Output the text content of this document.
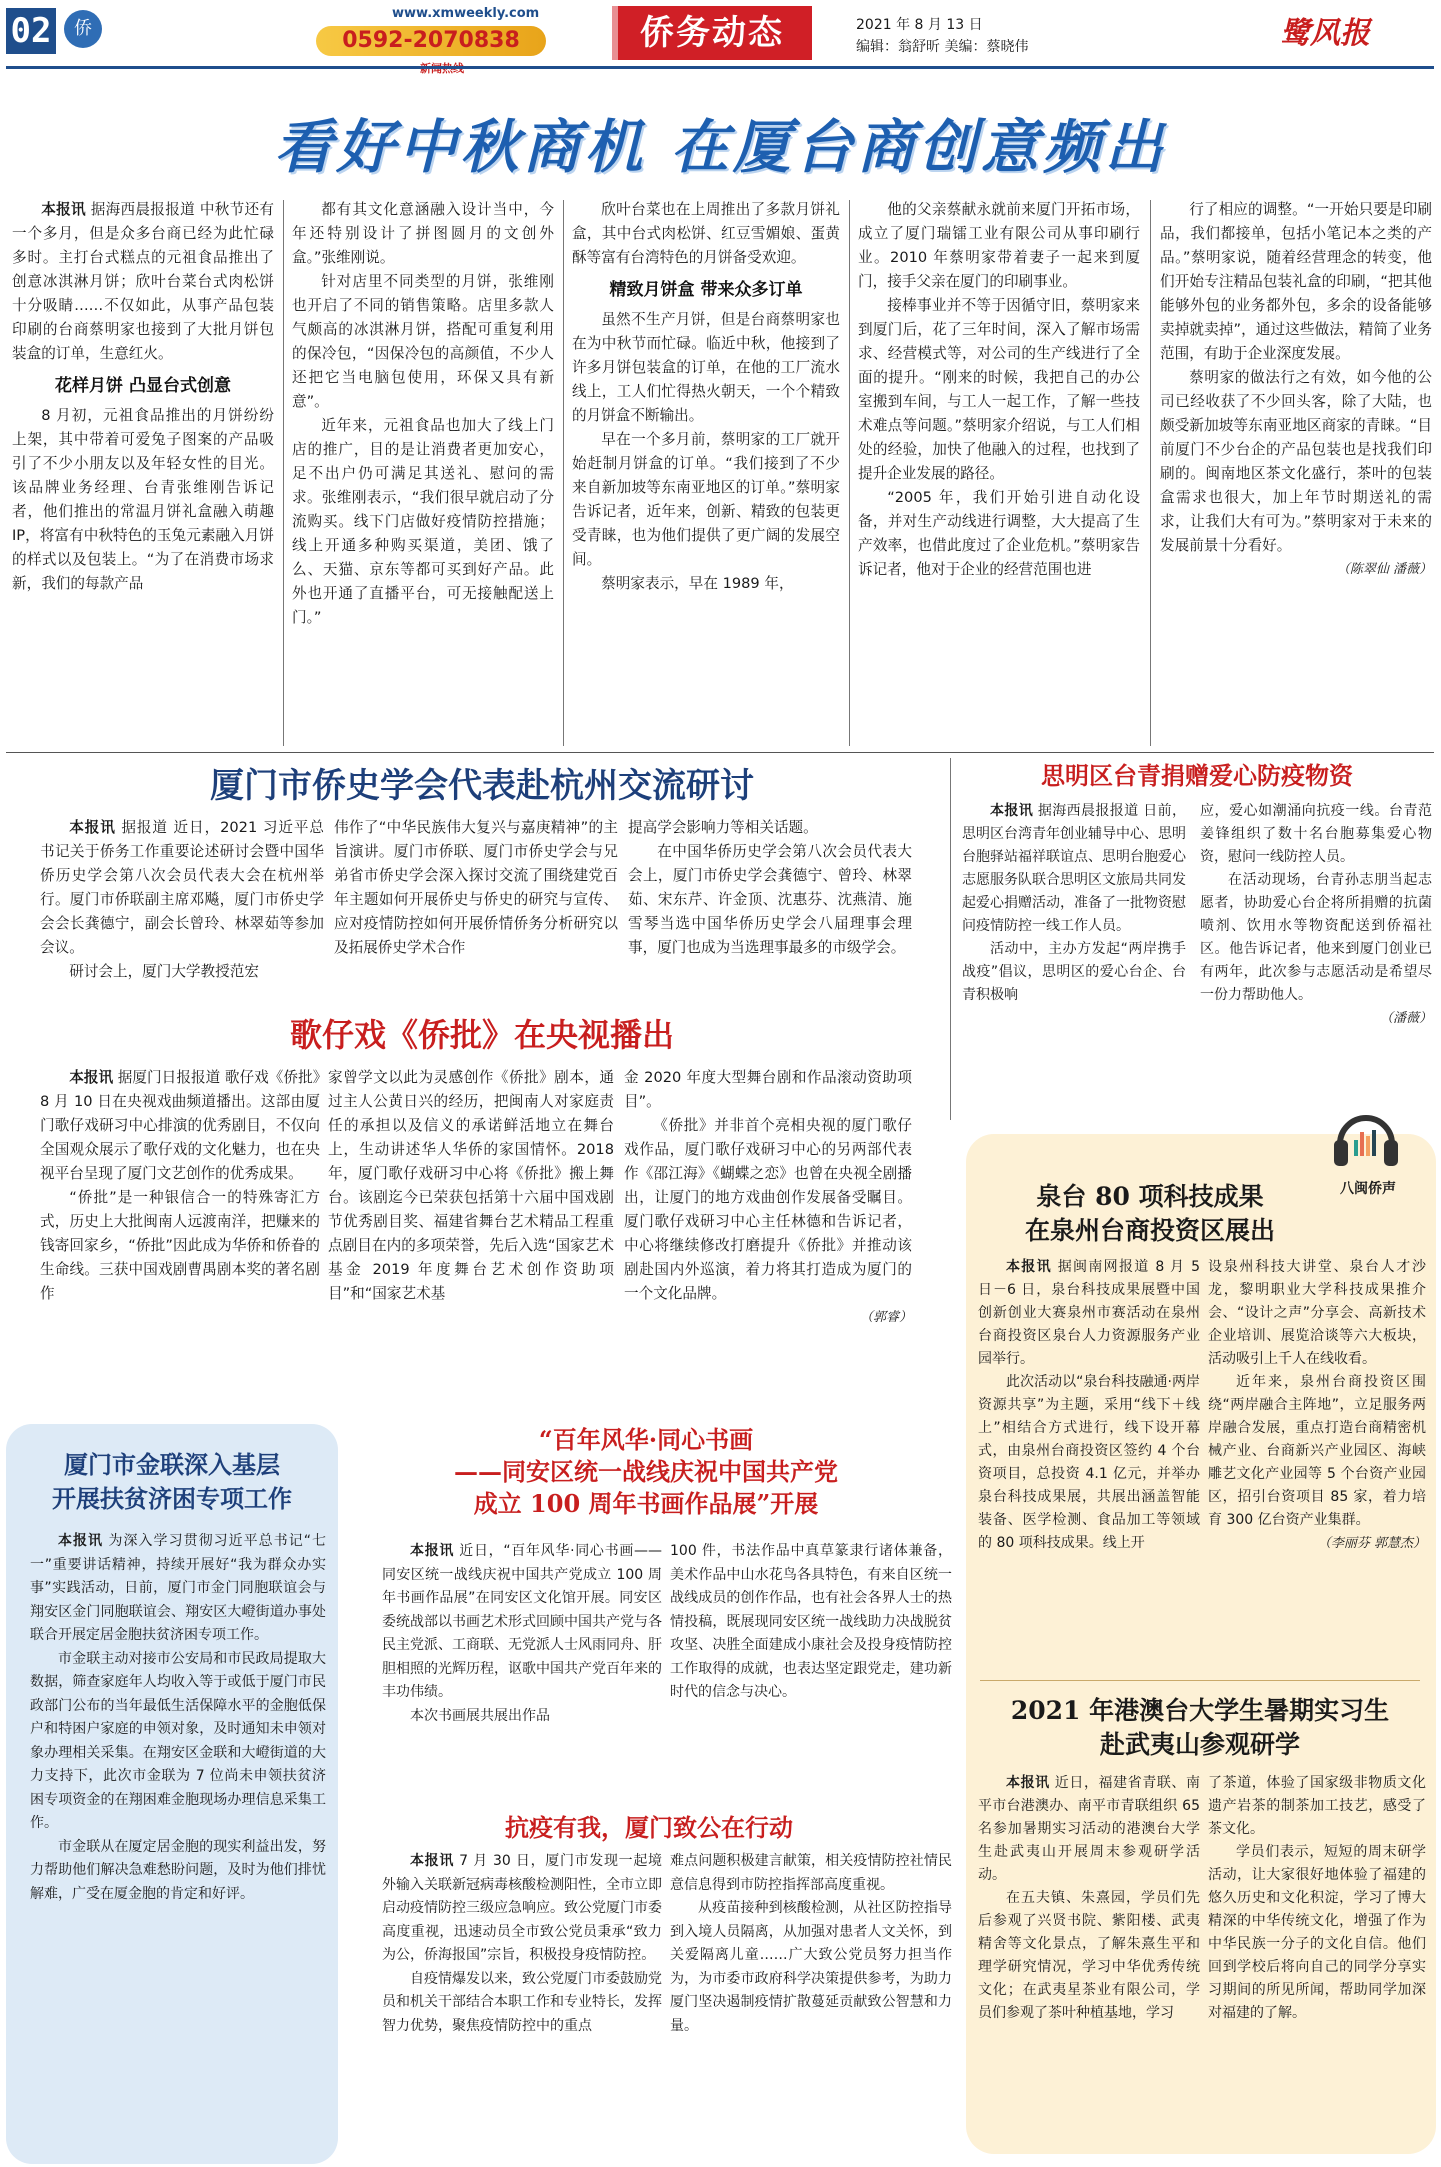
02	侨
www.xmweekly.com
0592-2070838	侨务动态	2021 年 8 月 13 日
编辑：翁舒昕 美编：蔡晓伟	鹭风报
看好中秋商机 在厦台商创意频出

本报讯 据海西晨报报道 中秋节还有一个多月，但是众多台商已经为此忙碌多时。主打台式糕点的元祖食品推出了创意冰淇淋月饼；欣叶台菜台式肉松饼十分吸睛……不仅如此，从事产品包装印刷的台商蔡明家也接到了大批月饼包装盒的订单，生意红火。

花样月饼 凸显台式创意

8 月初，元祖食品推出的月饼纷纷上架，其中带着可爱兔子图案的产品吸引了不少小朋友以及年轻女性的目光。该品牌业务经理、台青张维刚告诉记者，他们推出的常温月饼礼盒融入萌趣 IP，将富有中秋特色的玉兔元素融入月饼的样式以及包装上。“为了在消费市场求新，我们的每款产品

都有其文化意涵融入设计当中，今年还特别设计了拼图圆月的文创外盒。”张维刚说。

针对店里不同类型的月饼，张维刚也开启了不同的销售策略。店里多款人气颇高的冰淇淋月饼，搭配可重复利用的保冷包，“因保冷包的高颜值，不少人还把它当电脑包使用，环保又具有新意”。

近年来，元祖食品也加大了线上门店的推广，目的是让消费者更加安心，足不出户仍可满足其送礼、慰问的需求。张维刚表示，“我们很早就启动了分流购买。线下门店做好疫情防控措施；线上开通多种购买渠道，美团、饿了么、天猫、京东等都可买到好产品。此外也开通了直播平台，可无接触配送上门。”

欣叶台菜也在上周推出了多款月饼礼盒，其中台式肉松饼、红豆雪媚娘、蛋黄酥等富有台湾特色的月饼备受欢迎。

精致月饼盒 带来众多订单

虽然不生产月饼，但是台商蔡明家也在为中秋节而忙碌。临近中秋，他接到了许多月饼包装盒的订单，在他的工厂流水线上，工人们忙得热火朝天，一个个精致的月饼盒不断输出。

早在一个多月前，蔡明家的工厂就开始赶制月饼盒的订单。“我们接到了不少来自新加坡等东南亚地区的订单。”蔡明家告诉记者，近年来，创新、精致的包装更受青睐，也为他们提供了更广阔的发展空间。

蔡明家表示，早在 1989 年，

他的父亲蔡献永就前来厦门开拓市场，成立了厦门瑞镭工业有限公司从事印刷行业。2010 年蔡明家带着妻子一起来到厦门，接手父亲在厦门的印刷事业。

接棒事业并不等于因循守旧，蔡明家来到厦门后，花了三年时间，深入了解市场需求、经营模式等，对公司的生产线进行了全面的提升。“刚来的时候，我把自己的办公室搬到车间，与工人一起工作，了解一些技术难点等问题。”蔡明家介绍说，与工人们相处的经验，加快了他融入的过程，也找到了提升企业发展的路径。

“2005 年，我们开始引进自动化设备，并对生产动线进行调整，大大提高了生产效率，也借此度过了企业危机。”蔡明家告诉记者，他对于企业的经营范围也进

行了相应的调整。“一开始只要是印刷品，我们都接单，包括小笔记本之类的产品。”蔡明家说，随着经营理念的转变，他们开始专注精品包装礼盒的印刷，“把其他能够外包的业务都外包，多余的设备能够卖掉就卖掉”，通过这些做法，精简了业务范围，有助于企业深度发展。

蔡明家的做法行之有效，如今他的公司已经收获了不少回头客，除了大陆，也颇受新加坡等东南亚地区商家的青睐。“目前厦门不少台企的产品包装也是找我们印刷的。闽南地区茶文化盛行，茶叶的包装盒需求也很大，加上年节时期送礼的需求，让我们大有可为。”蔡明家对于未来的发展前景十分看好。

（陈翠仙 潘薇）
厦门市侨史学会代表赴杭州交流研讨

本报讯 据报道 近日，2021 习近平总书记关于侨务工作重要论述研讨会暨中国华侨历史学会第八次会员代表大会在杭州举行。厦门市侨联副主席邓飚，厦门市侨史学会会长龚德宁，副会长曾玲、林翠茹等参加会议。

研讨会上，厦门大学教授范宏

伟作了“中华民族伟大复兴与嘉庚精神”的主旨演讲。厦门市侨联、厦门市侨史学会与兄弟省市侨史学会深入探讨交流了围绕建党百年主题如何开展侨史与侨史的研究与宣传、应对疫情防控如何开展侨情侨务分析研究以及拓展侨史学术合作

提高学会影响力等相关话题。

在中国华侨历史学会第八次会员代表大会上，厦门市侨史学会龚德宁、曾玲、林翠茹、宋东芹、许金顶、沈惠芬、沈燕清、施雪琴当选中国华侨历史学会八届理事会理事，厦门也成为当选理事最多的市级学会。

歌仔戏《侨批》在央视播出

本报讯 据厦门日报报道 歌仔戏《侨批》8 月 10 日在央视戏曲频道播出。这部由厦门歌仔戏研习中心排演的优秀剧目，不仅向全国观众展示了歌仔戏的文化魅力，也在央视平台呈现了厦门文艺创作的优秀成果。

“侨批”是一种银信合一的特殊寄汇方式，历史上大批闽南人远渡南洋，把赚来的钱寄回家乡，“侨批”因此成为华侨和侨眷的生命线。三获中国戏剧曹禺剧本奖的著名剧作

家曾学文以此为灵感创作《侨批》剧本，通过主人公黄日兴的经历，把闽南人对家庭责任的承担以及信义的承诺鲜活地立在舞台上，生动讲述华人华侨的家国情怀。2018 年，厦门歌仔戏研习中心将《侨批》搬上舞台。该剧迄今已荣获包括第十六届中国戏剧节优秀剧目奖、福建省舞台艺术精品工程重点剧目在内的多项荣誉，先后入选“国家艺术基金 2019 年度舞台艺术创作资助项目”和“国家艺术基

金 2020 年度大型舞台剧和作品滚动资助项目”。

《侨批》并非首个亮相央视的厦门歌仔戏作品，厦门歌仔戏研习中心的另两部代表作《邵江海》《蝴蝶之恋》也曾在央视全剧播出，让厦门的地方戏曲创作发展备受瞩目。厦门歌仔戏研习中心主任林德和告诉记者，中心将继续修改打磨提升《侨批》并推动该剧赴国内外巡演，着力将其打造成为厦门的一个文化品牌。

（郭睿）
思明区台青捐赠爱心防疫物资

本报讯 据海西晨报报道 日前，思明区台湾青年创业辅导中心、思明台胞驿站福祥联谊点、思明台胞爱心志愿服务队联合思明区文旅局共同发起爱心捐赠活动，准备了一批物资慰问疫情防控一线工作人员。

活动中，主办方发起“两岸携手战疫”倡议，思明区的爱心台企、台青积极响

应，爱心如潮涌向抗疫一线。台青范姜锋组织了数十名台胞募集爱心物资，慰问一线防控人员。

在活动现场，台青孙志朋当起志愿者，协助爱心台企将所捐赠的抗菌喷剂、饮用水等物资配送到侨福社区。他告诉记者，他来到厦门创业已有两年，此次参与志愿活动是希望尽一份力帮助他人。

（潘薇）
八闽侨声
泉台 80 项科技成果
在泉州台商投资区展出

本报讯 据闽南网报道 8 月 5 日－6 日，泉台科技成果展暨中国创新创业大赛泉州市赛活动在泉州台商投资区泉台人力资源服务产业园举行。

此次活动以“泉台科技融通·两岸资源共享”为主题，采用“线下＋线上”相结合方式进行，线下设开幕式，由泉州台商投资区签约 4 个台资项目，总投资 4.1 亿元，并举办泉台科技成果展，共展出涵盖智能装备、医学检测、食品加工等领域的 80 项科技成果。线上开

设泉州科技大讲堂、泉台人才沙龙，黎明职业大学科技成果推介会、“设计之声”分享会、高新技术企业培训、展览洽谈等六大板块，活动吸引上千人在线收看。

近年来，泉州台商投资区围绕“两岸融合主阵地”，立足服务两岸融合发展，重点打造台商精密机械产业、台商新兴产业园区、海峡雕艺文化产业园等 5 个台资产业园区，招引台资项目 85 家，着力培育 300 亿台资产业集群。

（李丽芬 郭慧杰）
2021 年港澳台大学生暑期实习生
赴武夷山参观研学

本报讯 近日，福建省青联、南平市台港澳办、南平市青联组织 65 名参加暑期实习活动的港澳台大学生赴武夷山开展周末参观研学活动。

在五夫镇、朱熹园，学员们先后参观了兴贤书院、紫阳楼、武夷精舍等文化景点，了解朱熹生平和理学研究情况，学习中华优秀传统文化；在武夷星茶业有限公司，学员们参观了茶叶种植基地，学习

了茶道，体验了国家级非物质文化遗产岩茶的制茶加工技艺，感受了茶文化。

学员们表示，短短的周末研学活动，让大家很好地体验了福建的悠久历史和文化积淀，学习了博大精深的中华传统文化，增强了作为中华民族一分子的文化自信。他们回到学校后将向自己的同学分享实习期间的所见所闻，帮助同学加深对福建的了解。

厦门市金联深入基层
开展扶贫济困专项工作

本报讯 为深入学习贯彻习近平总书记“七一”重要讲话精神，持续开展好“我为群众办实事”实践活动，日前，厦门市金门同胞联谊会与翔安区金门同胞联谊会、翔安区大嶝街道办事处联合开展定居金胞扶贫济困专项工作。

市金联主动对接市公安局和市民政局提取大数据，筛查家庭年人均收入等于或低于厦门市民政部门公布的当年最低生活保障水平的金胞低保户和特困户家庭的申领对象，及时通知未申领对象办理相关采集。在翔安区金联和大嶝街道的大力支持下，此次市金联为 7 位尚未申领扶贫济困专项资金的在翔困难金胞现场办理信息采集工作。

市金联从在厦定居金胞的现实利益出发，努力帮助他们解决急难愁盼问题，及时为他们排忧解难，广受在厦金胞的肯定和好评。

“百年风华·同心书画
——同安区统一战线庆祝中国共产党
成立 100 周年书画作品展”开展

本报讯 近日，“百年风华·同心书画——同安区统一战线庆祝中国共产党成立 100 周年书画作品展”在同安区文化馆开展。同安区委统战部以书画艺术形式回顾中国共产党与各民主党派、工商联、无党派人士风雨同舟、肝胆相照的光辉历程，讴歌中国共产党百年来的丰功伟绩。

本次书画展共展出作品

100 件，书法作品中真草篆隶行诸体兼备，美术作品中山水花鸟各具特色，有来自区统一战线成员的创作作品，也有社会各界人士的热情投稿，既展现同安区统一战线助力决战脱贫攻坚、决胜全面建成小康社会及投身疫情防控工作取得的成就，也表达坚定跟党走，建功新时代的信念与决心。

抗疫有我，厦门致公在行动

本报讯 7 月 30 日，厦门市发现一起境外输入关联新冠病毒核酸检测阳性，全市立即启动疫情防控三级应急响应。致公党厦门市委高度重视，迅速动员全市致公党员秉承“致力为公，侨海报国”宗旨，积极投身疫情防控。

自疫情爆发以来，致公党厦门市委鼓励党员和机关干部结合本职工作和专业特长，发挥智力优势，聚焦疫情防控中的重点

难点问题积极建言献策，相关疫情防控社情民意信息得到市防控指挥部高度重视。

从疫苗接种到核酸检测，从社区防控指导到入境人员隔离，从加强对患者人文关怀，到关爱隔离儿童……广大致公党员努力担当作为，为市委市政府科学决策提供参考，为助力厦门坚决遏制疫情扩散蔓延贡献致公智慧和力量。
